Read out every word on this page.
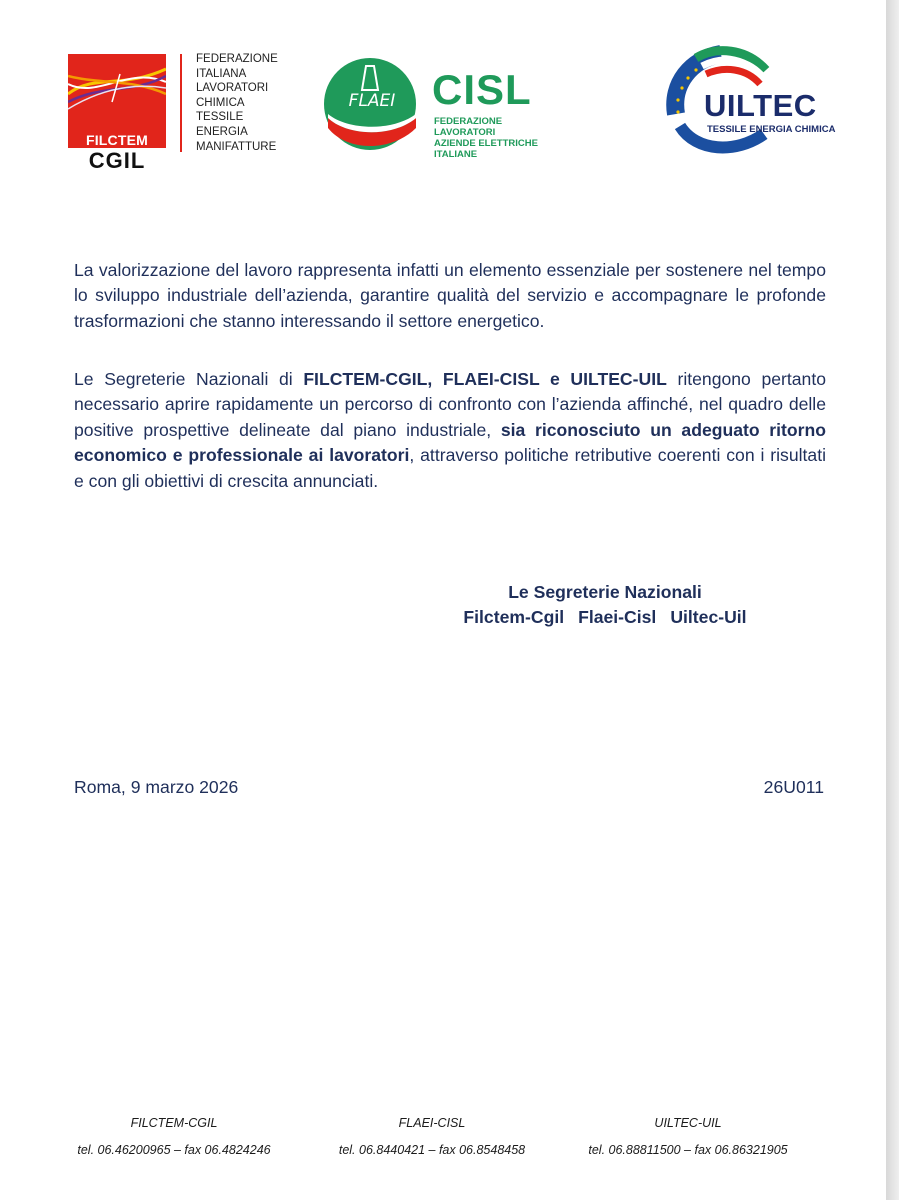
FILCTEM
CGIL
FEDERAZIONE
ITALIANA
LAVORATORI
CHIMICA
TESSILE
ENERGIA
MANIFATTURE
FLAEI CISL
FEDERAZIONE LAVORATORI
AZIENDE ELETTRICHE ITALIANE
UILTEC
TESSILE ENERGIA CHIMICA
La valorizzazione del lavoro rappresenta infatti un elemento essenziale per sostenere nel tempo lo sviluppo industriale dell’azienda, garantire qualità del servizio e accompagnare le profonde trasformazioni che stanno interessando il settore energetico.
Le Segreterie Nazionali di FILCTEM-CGIL, FLAEI-CISL e UILTEC-UIL ritengono pertanto necessario aprire rapidamente un percorso di confronto con l’azienda affinché, nel quadro delle positive prospettive delineate dal piano industriale, sia riconosciuto un adeguato ritorno economico e professionale ai lavoratori, attraverso politiche retributive coerenti con i risultati e con gli obiettivi di crescita annunciati.
Le Segreterie Nazionali
Filctem-Cgil Flaei-Cisl Uiltec-Uil
Roma, 9 marzo 2026	26U011
FILCTEM-CGIL
tel. 06.46200965 – fax 06.4824246
FLAEI-CISL
tel. 06.8440421 – fax 06.8548458
UILTEC-UIL
tel. 06.88811500 – fax 06.86321905
